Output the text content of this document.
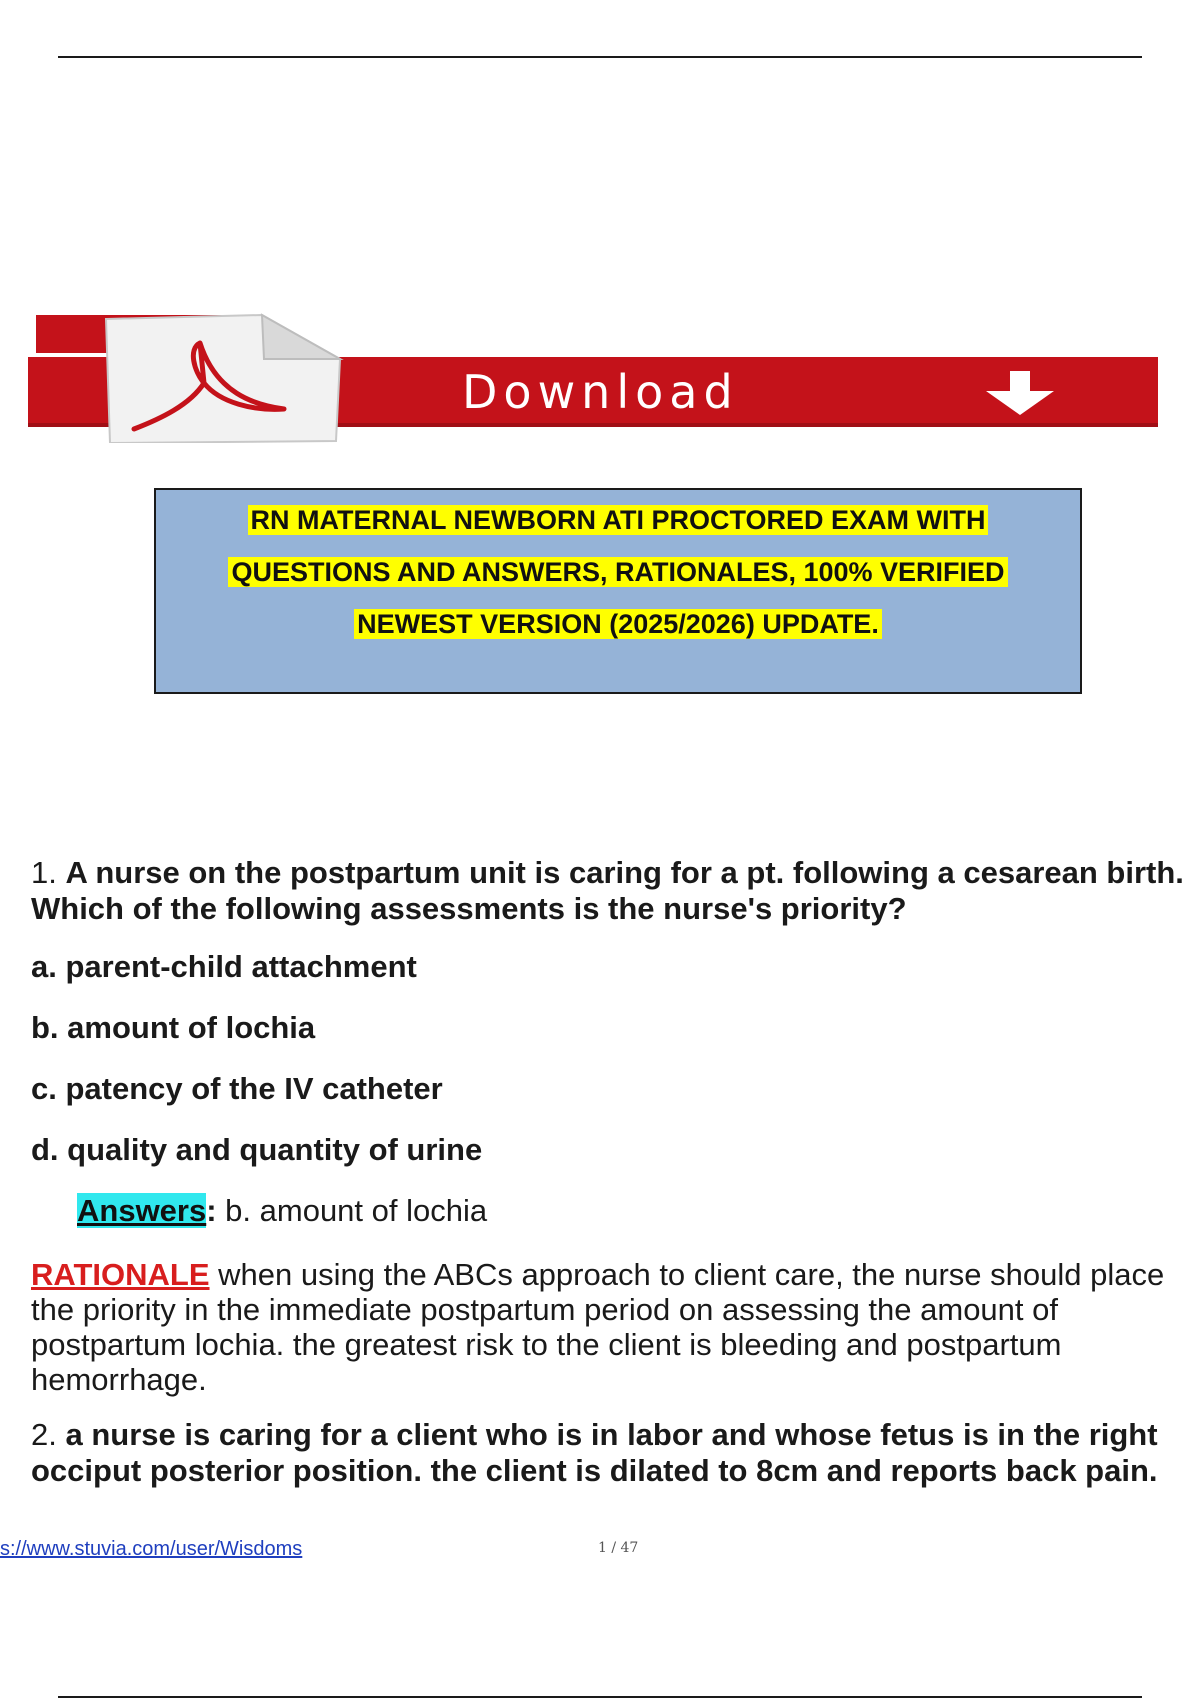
Download

RN MATERNAL NEWBORN ATI PROCTORED EXAM WITH

QUESTIONS AND ANSWERS, RATIONALES, 100% VERIFIED

NEWEST VERSION (2025/2026) UPDATE.

1. A nurse on the postpartum unit is caring for a pt. following a cesarean birth.

Which of the following assessments is the nurse's priority?

a. parent-child attachment

b. amount of lochia

c. patency of the IV catheter

d. quality and quantity of urine

Answers: b. amount of lochia

RATIONALE when using the ABCs approach to client care, the nurse should place
the priority in the immediate postpartum period on assessing the amount of
postpartum lochia. the greatest risk to the client is bleeding and postpartum
hemorrhage.

2. a nurse is caring for a client who is in labor and whose fetus is in the right

occiput posterior position. the client is dilated to 8cm and reports back pain.

s://www.stuvia.com/user/Wisdoms	1 / 47
